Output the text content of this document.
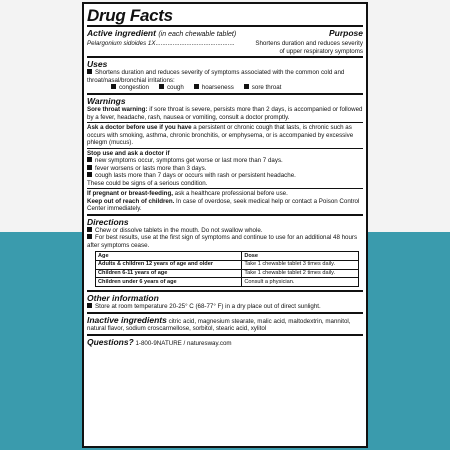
Drug Facts
Active ingredient (in each chewable tablet)	Purpose
Pelargonium sidoides 1X..............................................	Shortens duration and reduces severity
of upper respiratory symptoms
Uses
Shortens duration and reduces severity of symptoms associated with the common cold and throat/nasal/bronchial irritations:
congestion	cough	hoarseness	sore throat
Warnings
Sore throat warning: if sore throat is severe, persists more than 2 days, is accompanied or followed by a fever, headache, rash, nausea or vomiting, consult a doctor promptly.
Ask a doctor before use if you have a persistent or chronic cough that lasts, is chronic such as occurs with smoking, asthma, chronic bronchitis, or emphysema, or is accompanied by excessive phlegm (mucus).
Stop use and ask a doctor if
new symptoms occur, symptoms get worse or last more than 7 days.
fever worsens or lasts more than 3 days.
cough lasts more than 7 days or occurs with rash or persistent headache.
These could be signs of a serious condition.
If pregnant or breast-feeding, ask a healthcare professional before use.
Keep out of reach of children. In case of overdose, seek medical help or contact a Poison Control Center immediately.
Directions
Chew or dissolve tablets in the mouth. Do not swallow whole.
For best results, use at the first sign of symptoms and continue to use for an additional 48 hours after symptoms cease.
Age	Dose
Adults & children 12 years of age and older	Take 1 chewable tablet 3 times daily.
Children 6-11 years of age	Take 1 chewable tablet 2 times daily.
Children under 6 years of age	Consult a physician.
Other information
Store at room temperature 20-25° C (68-77° F) in a dry place out of direct sunlight.
Inactive ingredients citric acid, magnesium stearate, malic acid, maltodextrin, mannitol, natural flavor, sodium croscarmellose, sorbitol, stearic acid, xylitol
Questions? 1-800-9NATURE / naturesway.com
